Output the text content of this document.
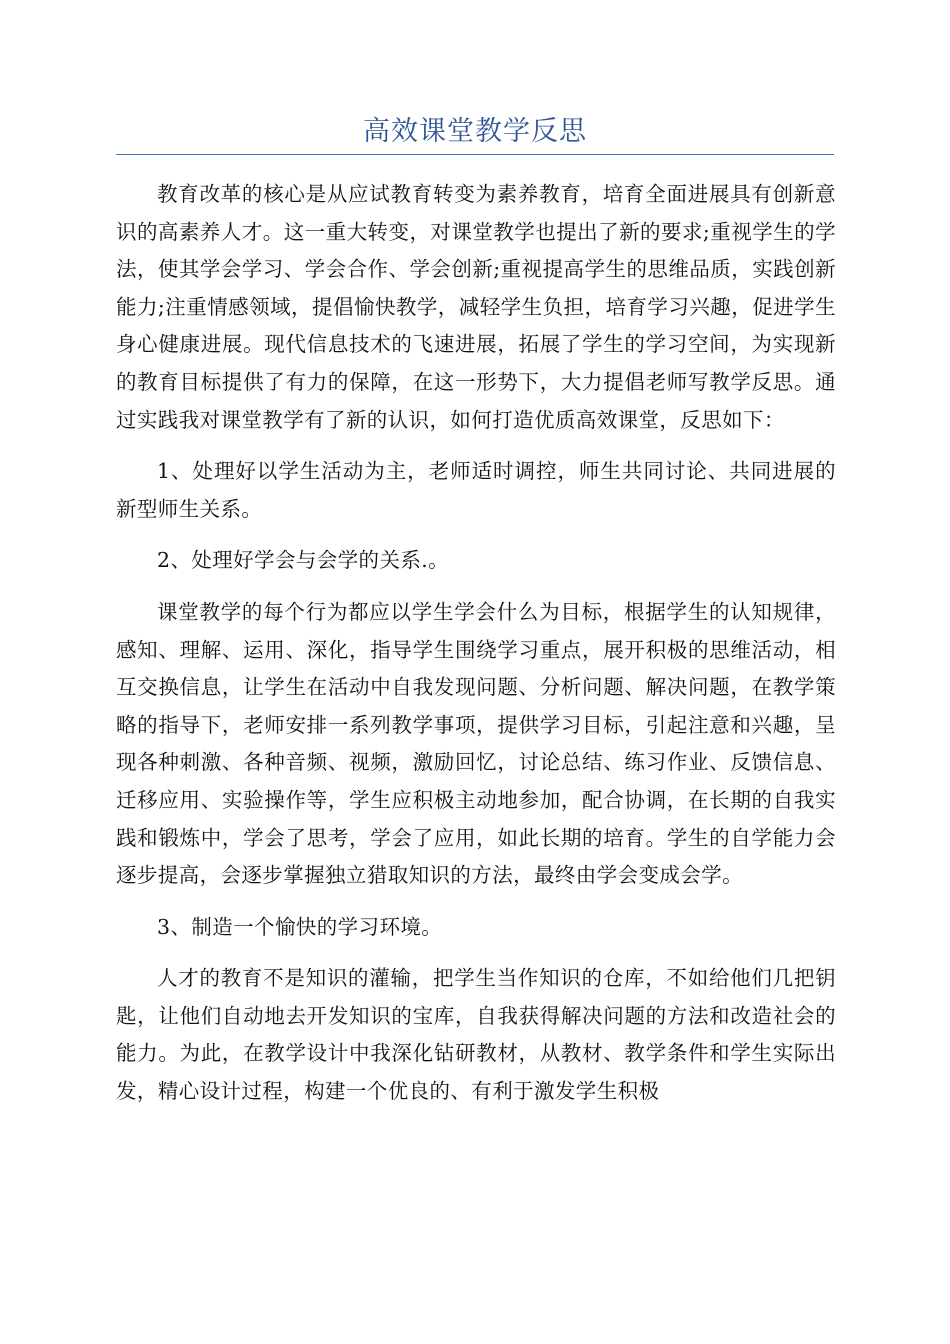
高效课堂教学反思

教育改革的核心是从应试教育转变为素养教育，培育全面进展具有创新意识的高素养人才。这一重大转变，对课堂教学也提出了新的要求;重视学生的学法，使其学会学习、学会合作、学会创新;重视提高学生的思维品质，实践创新能力;注重情感领域，提倡愉快教学，减轻学生负担，培育学习兴趣，促进学生身心健康进展。现代信息技术的飞速进展，拓展了学生的学习空间，为实现新的教育目标提供了有力的保障，在这一形势下，大力提倡老师写教学反思。通过实践我对课堂教学有了新的认识，如何打造优质高效课堂，反思如下：

1、处理好以学生活动为主，老师适时调控，师生共同讨论、共同进展的新型师生关系。

2、处理好学会与会学的关系.。

课堂教学的每个行为都应以学生学会什么为目标，根据学生的认知规律，感知、理解、运用、深化，指导学生围绕学习重点，展开积极的思维活动，相互交换信息，让学生在活动中自我发现问题、分析问题、解决问题，在教学策略的指导下，老师安排一系列教学事项，提供学习目标，引起注意和兴趣，呈现各种刺激、各种音频、视频，激励回忆，讨论总结、练习作业、反馈信息、迁移应用、实验操作等，学生应积极主动地参加，配合协调，在长期的自我实践和锻炼中，学会了思考，学会了应用，如此长期的培育。学生的自学能力会逐步提高，会逐步掌握独立猎取知识的方法，最终由学会变成会学。

3、制造一个愉快的学习环境。

人才的教育不是知识的灌输，把学生当作知识的仓库，不如给他们几把钥匙，让他们自动地去开发知识的宝库，自我获得解决问题的方法和改造社会的能力。为此，在教学设计中我深化钻研教材，从教材、教学条件和学生实际出发，精心设计过程，构建一个优良的、有利于激发学生积极
